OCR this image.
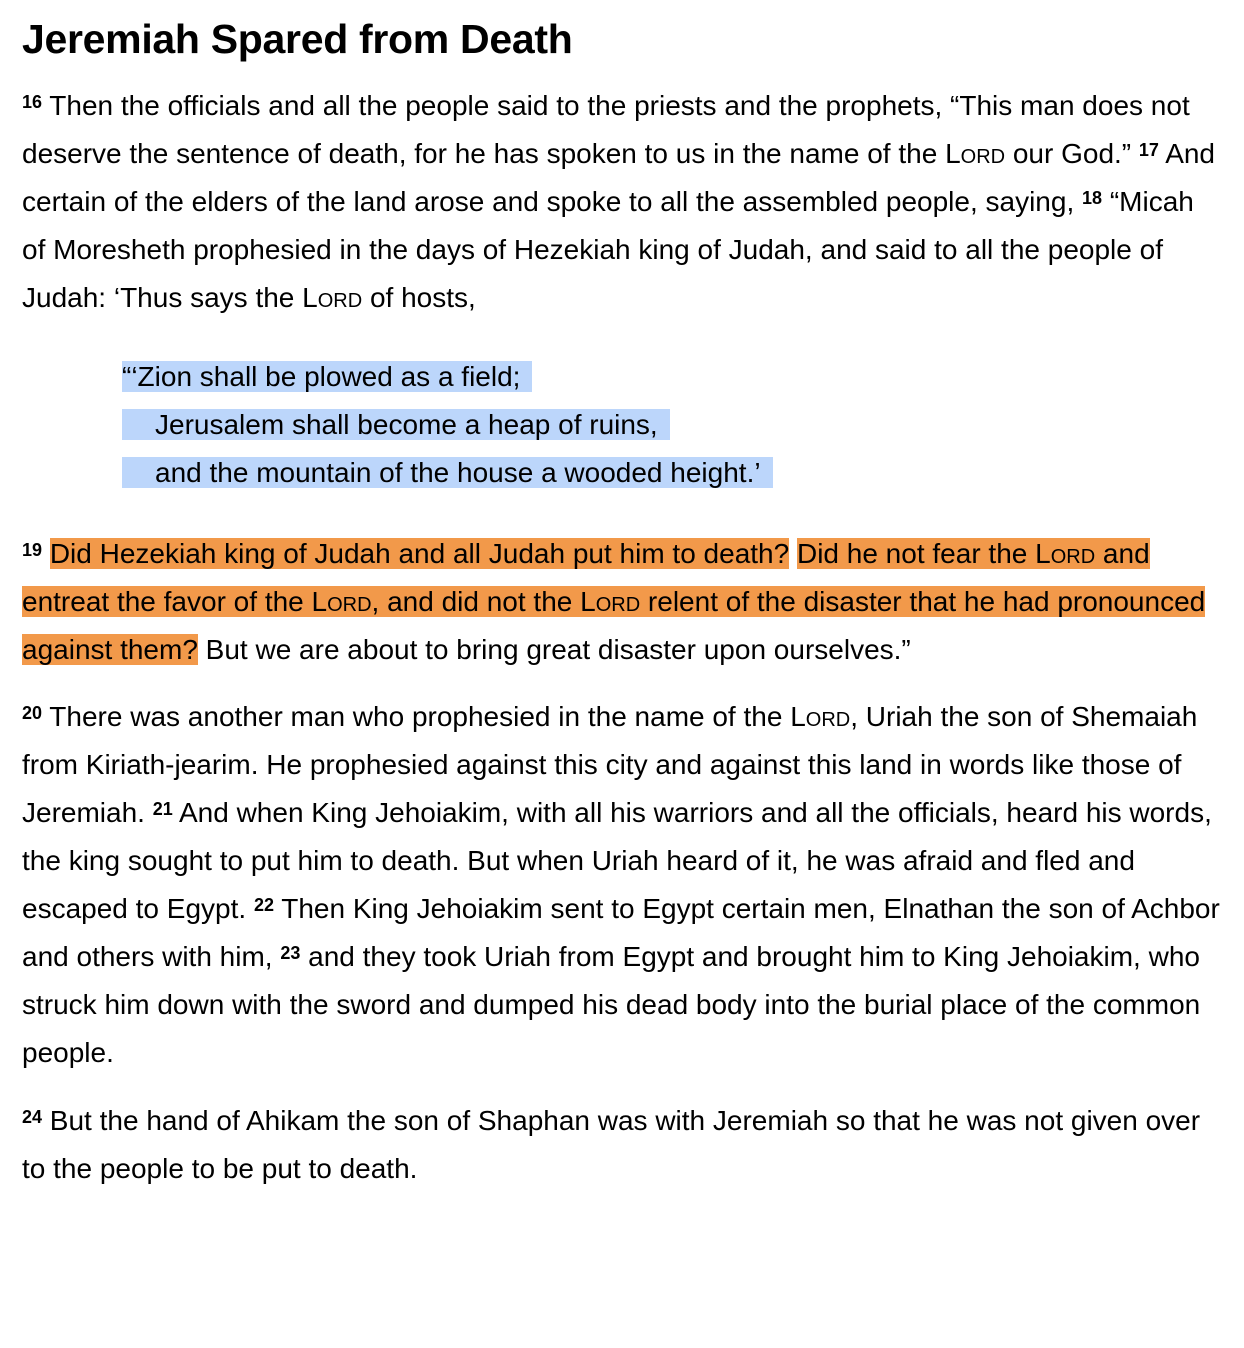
Jeremiah Spared from Death

$^{16}$ Then the officials and all the people said to the priests and the prophets, “This man does not deserve the sentence of death, for he has spoken to us in the name of the Lord our God.” $^{17}$ And certain of the elders of the land arose and spoke to all the assembled people, saying, $^{18}$ “Micah of Moresheth prophesied in the days of Hezekiah king of Judah, and said to all the people of Judah: ‘Thus says the Lord of hosts,

“‘Zion shall be plowed as a field;
Jerusalem shall become a heap of ruins,
and the mountain of the house a wooded height.’

$^{19}$ Did Hezekiah king of Judah and all Judah put him to death? Did he not fear the Lord and entreat the favor of the Lord, and did not the Lord relent of the disaster that he had pronounced against them? But we are about to bring great disaster upon ourselves.”

$^{20}$ There was another man who prophesied in the name of the Lord, Uriah the son of Shemaiah from Kiriath-jearim. He prophesied against this city and against this land in words like those of Jeremiah. $^{21}$ And when King Jehoiakim, with all his warriors and all the officials, heard his words, the king sought to put him to death. But when Uriah heard of it, he was afraid and fled and escaped to Egypt. $^{22}$ Then King Jehoiakim sent to Egypt certain men, Elnathan the son of Achbor and others with him, $^{23}$ and they took Uriah from Egypt and brought him to King Jehoiakim, who struck him down with the sword and dumped his dead body into the burial place of the common people.

$^{24}$ But the hand of Ahikam the son of Shaphan was with Jeremiah so that he was not given over to the people to be put to death.
